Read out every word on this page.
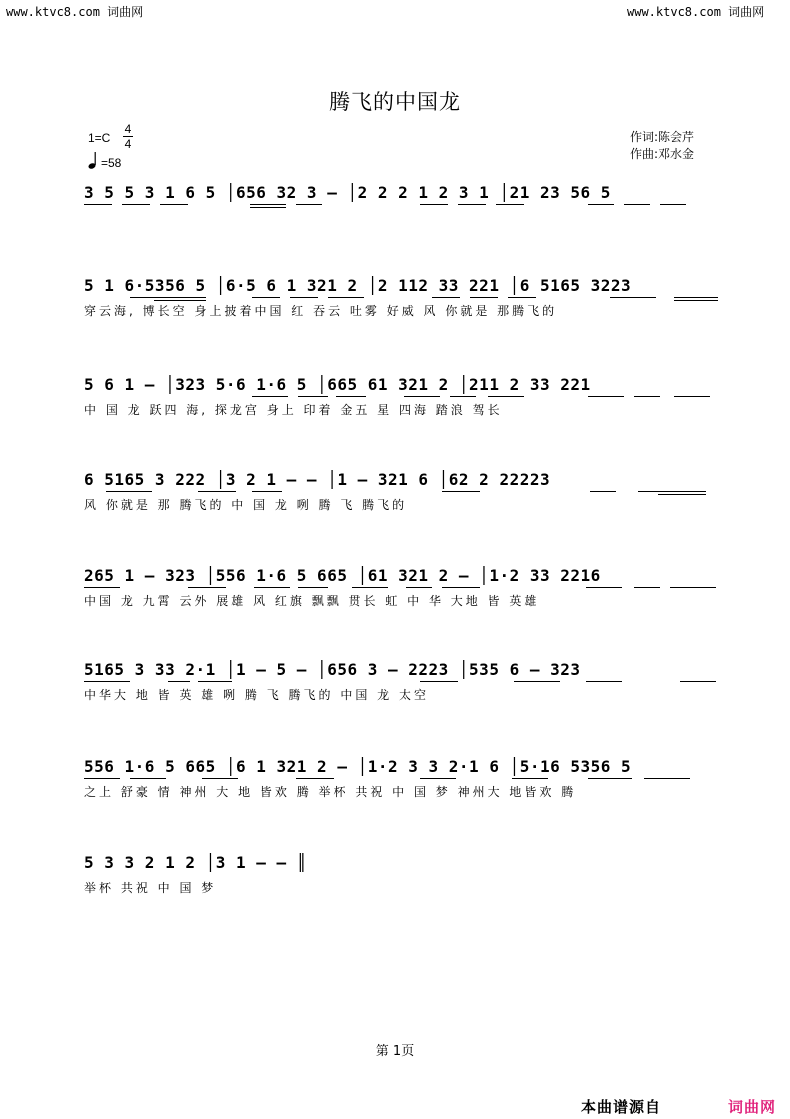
www.ktvc8.com 词曲网	www.ktvc8.com 词曲网
腾飞的中国龙
1=C
4
4
=58
作词:陈会芹
作曲:邓水金
3 5 5 3 1 6 5 │656 32 3 – │2 2 2 1 2 3 1 │21 23 56 5
5 1 6·5356 5 │6·5 6 1 321 2 │2 112 33 221 │6 5165 3223
穿云海, 博长空 身上披着中国 红 吞云 吐雾 好威 风 你就是 那腾飞的
5 6 1 – │323 5·6 1·6 5 │665 61 321 2 │211 2 33 221
中 国 龙 跃四 海, 探龙宫 身上 印着 金五 星 四海 踏浪 驾长
6 5165 3 222 │3 2 1 – – │1 – 321 6 │62 2 22223
风 你就是 那 腾飞的 中 国 龙 咧 腾 飞 腾飞的
265 1 – 323 │556 1·6 5 665 │61 321 2 – │1·2 33 2216
中国 龙 九霄 云外 展雄 风 红旗 飘飘 贯长 虹 中 华 大地 皆 英雄
5165 3 33 2·1 │1 – 5 – │656 3 – 2223 │535 6 – 323
中华大 地 皆 英 雄 咧 腾 飞 腾飞的 中国 龙 太空
556 1·6 5 665 │6 1 321 2 – │1·2 3 3 2·1 6 │5·16 5356 5
之上 舒豪 情 神州 大 地 皆欢 腾 举杯 共祝 中 国 梦 神州大 地皆欢 腾
5 3 3 2 1 2 │3 1 – – ║
举杯 共祝 中 国 梦
第 1页
本曲谱源自	词曲网
